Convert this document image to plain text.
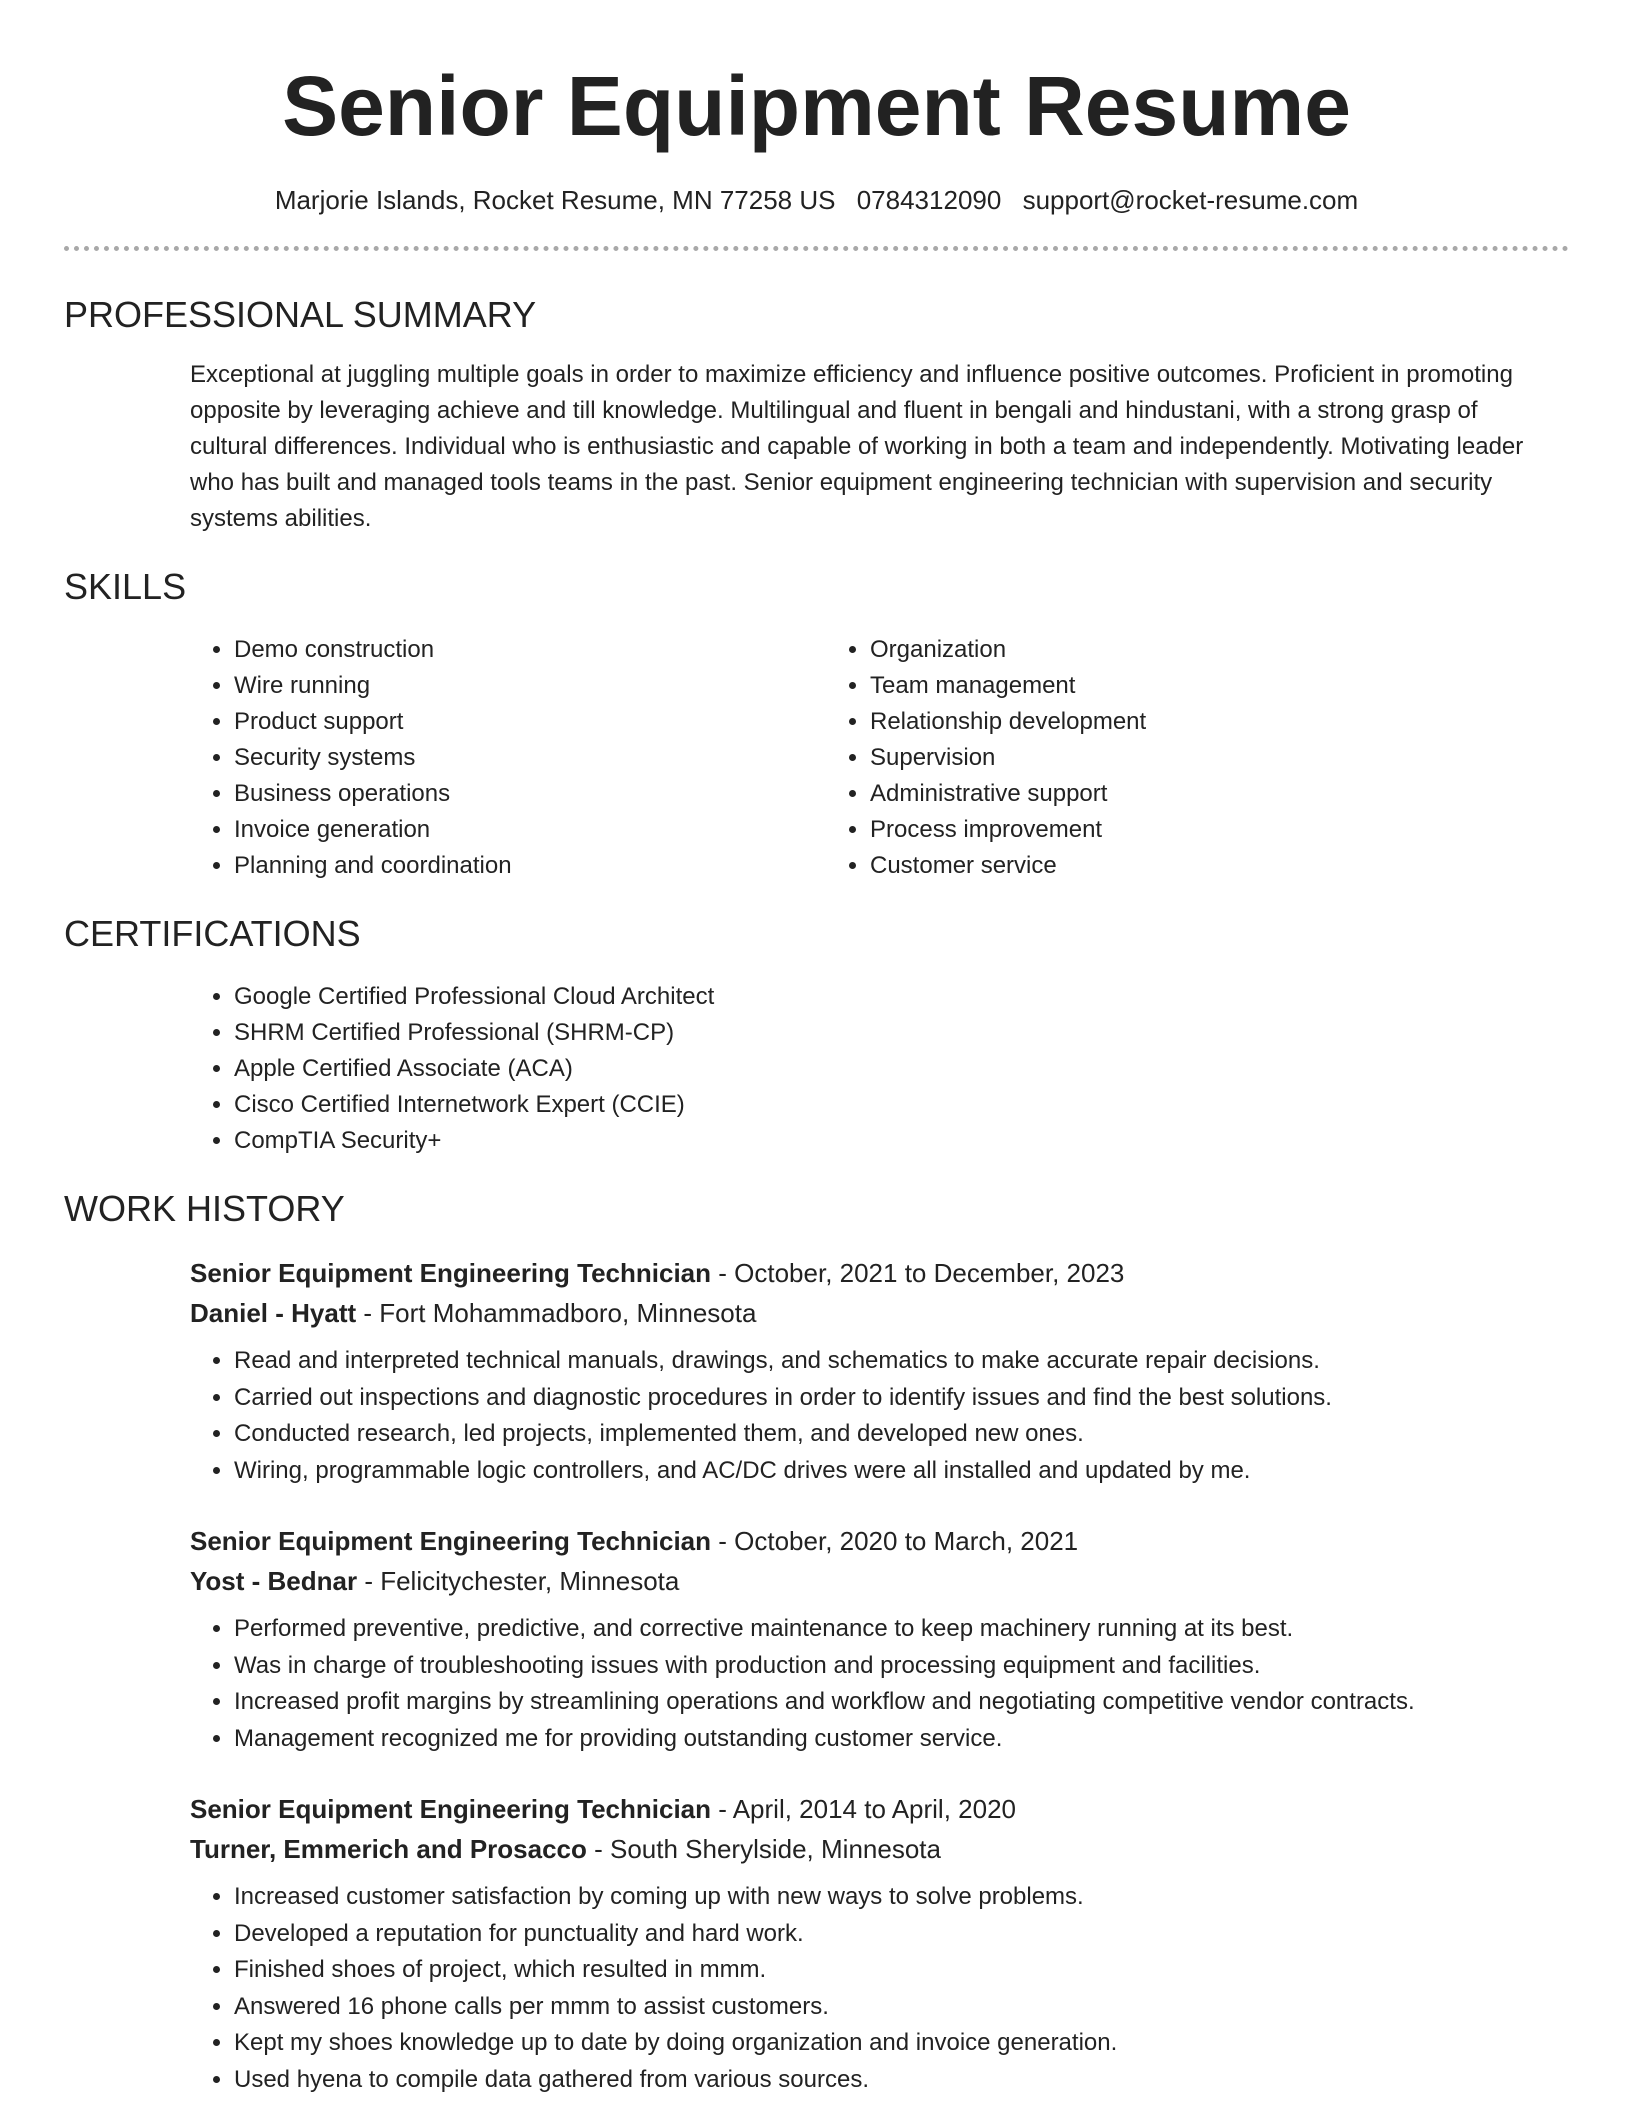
Senior Equipment Resume
Marjorie Islands, Rocket Resume, MN 77258 US 0784312090 support@rocket-resume.com
PROFESSIONAL SUMMARY

Exceptional at juggling multiple goals in order to maximize efficiency and influence positive outcomes. Proficient in promoting opposite by leveraging achieve and till knowledge. Multilingual and fluent in bengali and hindustani, with a strong grasp of cultural differences. Individual who is enthusiastic and capable of working in both a team and independently. Motivating leader who has built and managed tools teams in the past. Senior equipment engineering technician with supervision and security systems abilities.

SKILLS
• Demo construction
• Wire running
• Product support
• Security systems
• Business operations
• Invoice generation
• Planning and coordination
• Organization
• Team management
• Relationship development
• Supervision
• Administrative support
• Process improvement
• Customer service
CERTIFICATIONS
• Google Certified Professional Cloud Architect
• SHRM Certified Professional (SHRM-CP)
• Apple Certified Associate (ACA)
• Cisco Certified Internetwork Expert (CCIE)
• CompTIA Security+
WORK HISTORY
Senior Equipment Engineering Technician - October, 2021 to December, 2023
Daniel - Hyatt - Fort Mohammadboro, Minnesota
• Read and interpreted technical manuals, drawings, and schematics to make accurate repair decisions.
• Carried out inspections and diagnostic procedures in order to identify issues and find the best solutions.
• Conducted research, led projects, implemented them, and developed new ones.
• Wiring, programmable logic controllers, and AC/DC drives were all installed and updated by me.
Senior Equipment Engineering Technician - October, 2020 to March, 2021
Yost - Bednar - Felicitychester, Minnesota
• Performed preventive, predictive, and corrective maintenance to keep machinery running at its best.
• Was in charge of troubleshooting issues with production and processing equipment and facilities.
• Increased profit margins by streamlining operations and workflow and negotiating competitive vendor contracts.
• Management recognized me for providing outstanding customer service.
Senior Equipment Engineering Technician - April, 2014 to April, 2020
Turner, Emmerich and Prosacco - South Sherylside, Minnesota
• Increased customer satisfaction by coming up with new ways to solve problems.
• Developed a reputation for punctuality and hard work.
• Finished shoes of project, which resulted in mmm.
• Answered 16 phone calls per mmm to assist customers.
• Kept my shoes knowledge up to date by doing organization and invoice generation.
• Used hyena to compile data gathered from various sources.
